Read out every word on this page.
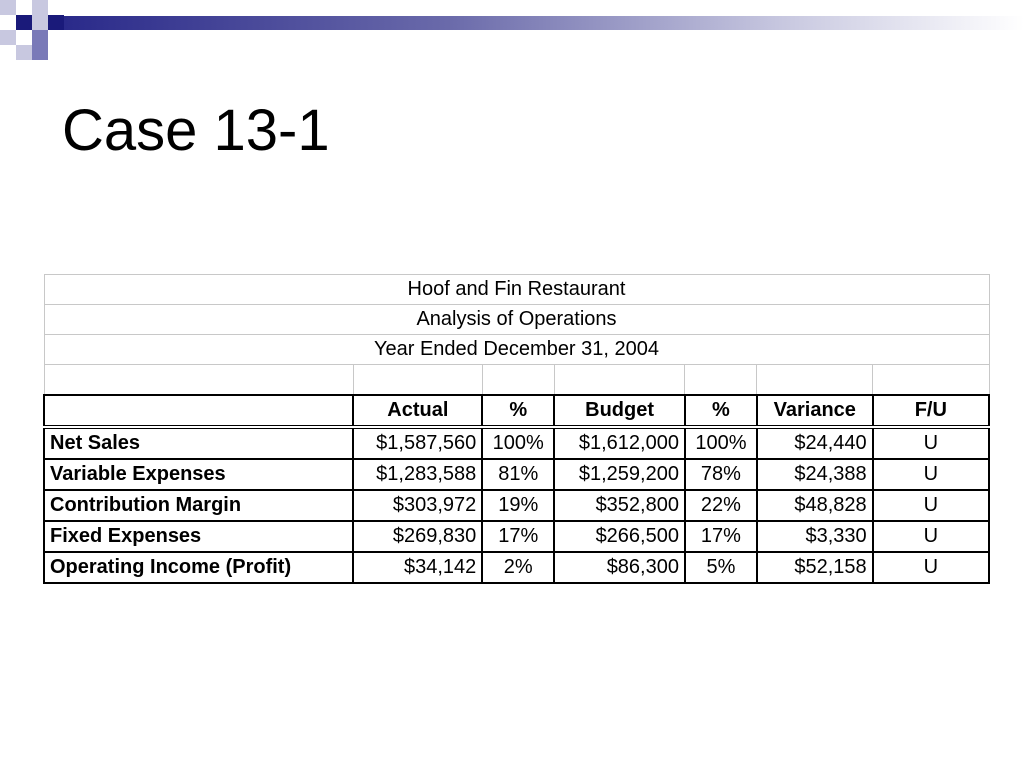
Case 13-1
Hoof and Fin Restaurant						
Analysis of Operations						
Year Ended December 31, 2004						

	Actual	%	Budget	%	Variance	F/U
Net Sales	$1,587,560	100%	$1,612,000	100%	$24,440	U
Variable Expenses	$1,283,588	81%	$1,259,200	78%	$24,388	U
Contribution Margin	$303,972	19%	$352,800	22%	$48,828	U
Fixed Expenses	$269,830	17%	$266,500	17%	$3,330	U
Operating Income (Profit)	$34,142	2%	$86,300	5%	$52,158	U
